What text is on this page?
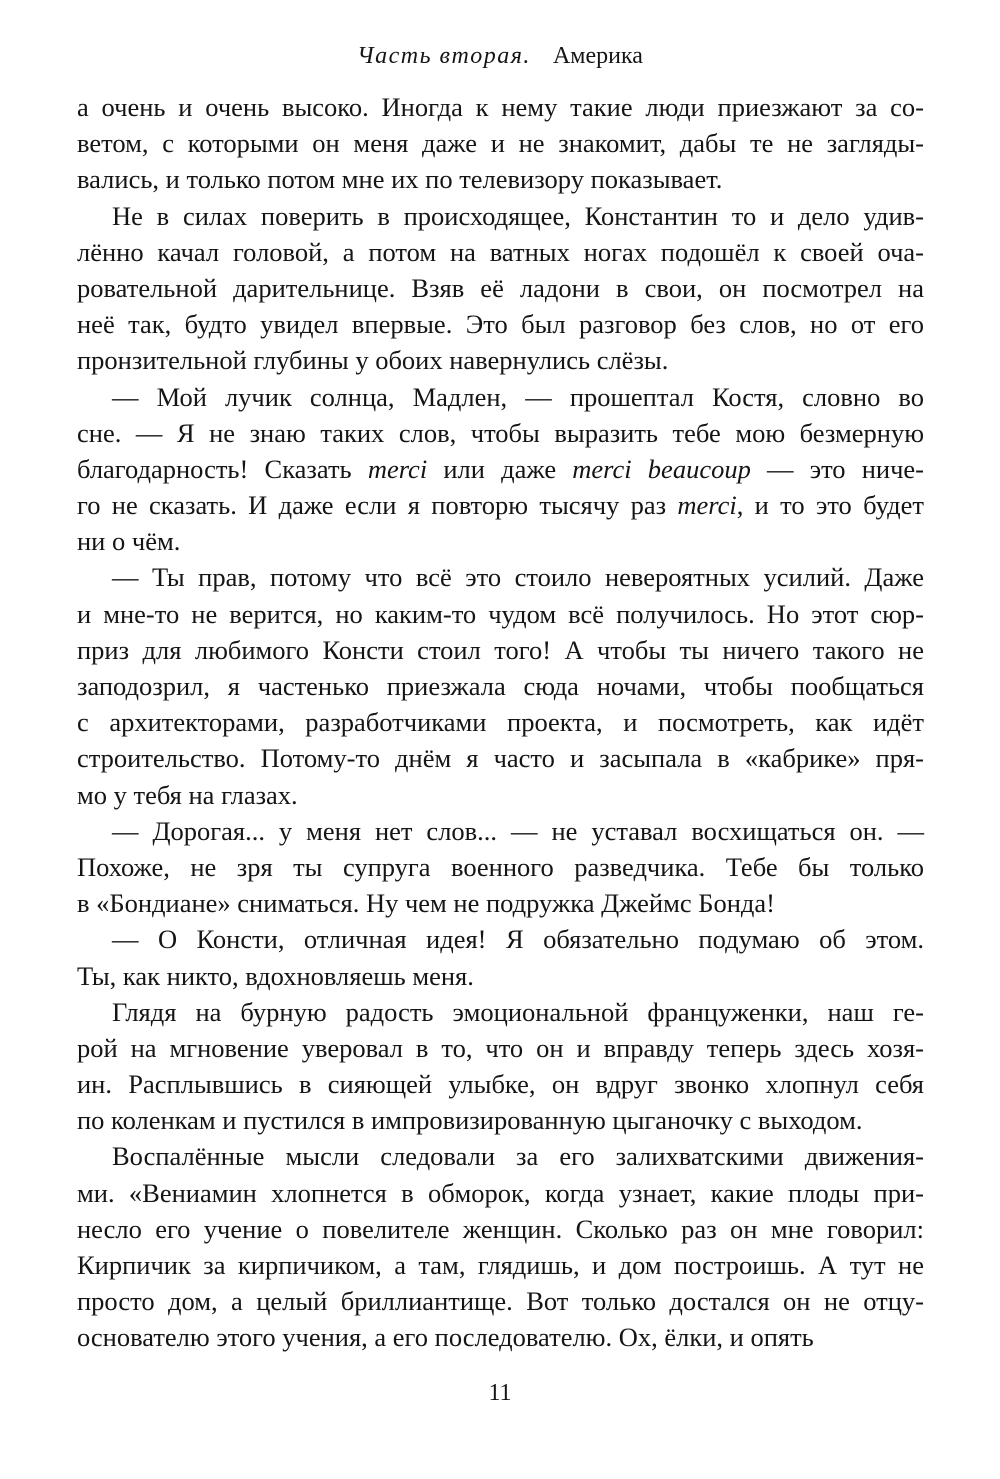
Часть вторая. Америка
а очень и очень высоко. Иногда к нему такие люди приезжают за со-
ветом, с которыми он меня даже и не знакомит, дабы те не загляды-
вались, и только потом мне их по телевизору показывает.
Не в силах поверить в происходящее, Константин то и дело удив-
лённо качал головой, а потом на ватных ногах подошёл к своей оча-
ровательной дарительнице. Взяв её ладони в свои, он посмотрел на
неё так, будто увидел впервые. Это был разговор без слов, но от его
пронзительной глубины у обоих навернулись слёзы.
— Мой лучик солнца, Мадлен, — прошептал Костя, словно во
сне. — Я не знаю таких слов, чтобы выразить тебе мою безмерную
благодарность! Сказать merci или даже merci beaucoup — это ниче-
го не сказать. И даже если я повторю тысячу раз merci, и то это будет
ни о чём.
— Ты прав, потому что всё это стоило невероятных усилий. Даже
и мне-то не верится, но каким-то чудом всё получилось. Но этот сюр-
приз для любимого Консти стоил того! А чтобы ты ничего такого не
заподозрил, я частенько приезжала сюда ночами, чтобы пообщаться
с архитекторами, разработчиками проекта, и посмотреть, как идёт
строительство. Потому-то днём я часто и засыпала в «кабрике» пря-
мо у тебя на глазах.
— Дорогая... у меня нет слов... — не уставал восхищаться он. —
Похоже, не зря ты супруга военного разведчика. Тебе бы только
в «Бондиане» сниматься. Ну чем не подружка Джеймс Бонда!
— О Консти, отличная идея! Я обязательно подумаю об этом.
Ты, как никто, вдохновляешь меня.
Глядя на бурную радость эмоциональной француженки, наш ге-
рой на мгновение уверовал в то, что он и вправду теперь здесь хозя-
ин. Расплывшись в сияющей улыбке, он вдруг звонко хлопнул себя
по коленкам и пустился в импровизированную цыганочку с выходом.
Воспалённые мысли следовали за его залихватскими движения-
ми. «Вениамин хлопнется в обморок, когда узнает, какие плоды при-
несло его учение о повелителе женщин. Сколько раз он мне говорил:
Кирпичик за кирпичиком, а там, глядишь, и дом построишь. А тут не
просто дом, а целый бриллиантище. Вот только достался он не отцу-
основателю этого учения, а его последователю. Ох, ёлки, и опять
11
